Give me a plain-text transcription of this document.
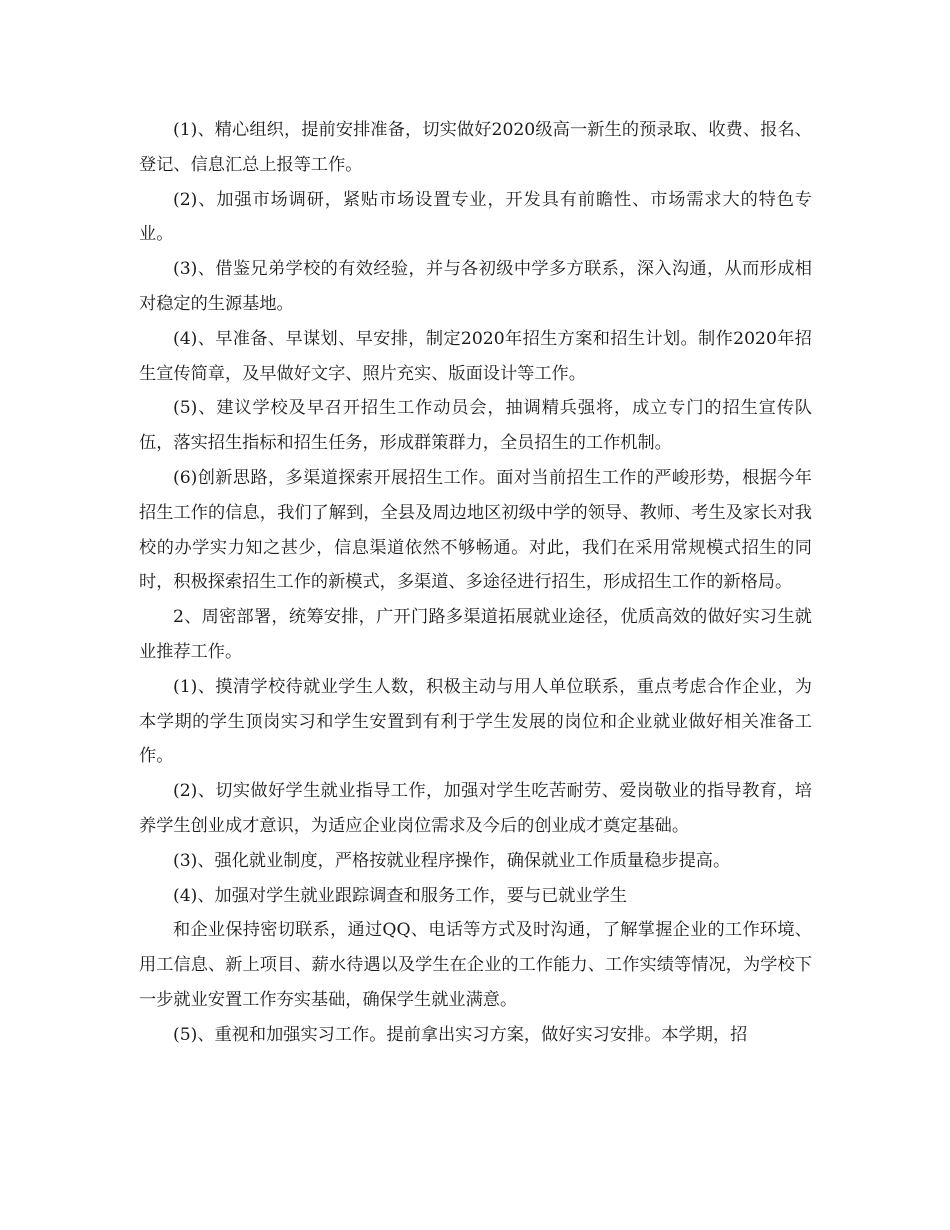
(1)、精心组织，提前安排准备，切实做好2020级高一新生的预录取、收费、报名、登记、信息汇总上报等工作。

(2)、加强市场调研，紧贴市场设置专业，开发具有前瞻性、市场需求大的特色专业。

(3)、借鉴兄弟学校的有效经验，并与各初级中学多方联系，深入沟通，从而形成相对稳定的生源基地。

(4)、早准备、早谋划、早安排，制定2020年招生方案和招生计划。制作2020年招生宣传简章，及早做好文字、照片充实、版面设计等工作。

(5)、建议学校及早召开招生工作动员会，抽调精兵强将，成立专门的招生宣传队伍，落实招生指标和招生任务，形成群策群力，全员招生的工作机制。

(6)创新思路，多渠道探索开展招生工作。面对当前招生工作的严峻形势，根据今年招生工作的信息，我们了解到，全县及周边地区初级中学的领导、教师、考生及家长对我校的办学实力知之甚少，信息渠道依然不够畅通。对此，我们在采用常规模式招生的同时，积极探索招生工作的新模式，多渠道、多途径进行招生，形成招生工作的新格局。

2、周密部署，统筹安排，广开门路多渠道拓展就业途径，优质高效的做好实习生就业推荐工作。

(1)、摸清学校待就业学生人数，积极主动与用人单位联系，重点考虑合作企业，为本学期的学生顶岗实习和学生安置到有利于学生发展的岗位和企业就业做好相关准备工作。

(2)、切实做好学生就业指导工作，加强对学生吃苦耐劳、爱岗敬业的指导教育，培养学生创业成才意识，为适应企业岗位需求及今后的创业成才奠定基础。

(3)、强化就业制度，严格按就业程序操作，确保就业工作质量稳步提高。

(4)、加强对学生就业跟踪调查和服务工作，要与已就业学生

和企业保持密切联系，通过QQ、电话等方式及时沟通，了解掌握企业的工作环境、用工信息、新上项目、薪水待遇以及学生在企业的工作能力、工作实绩等情况，为学校下一步就业安置工作夯实基础，确保学生就业满意。

(5)、重视和加强实习工作。提前拿出实习方案，做好实习安排。本学期，招
